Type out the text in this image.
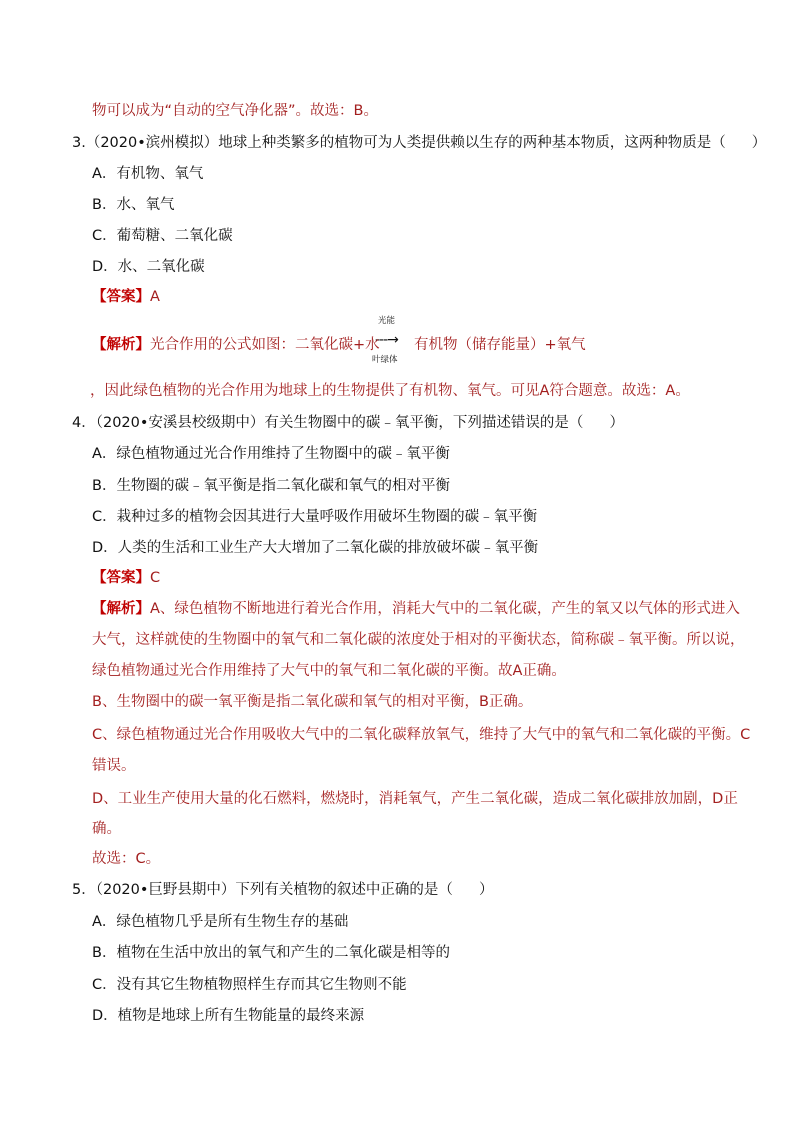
物可以成为“自动的空气净化器”。故选：B。
3.（2020•滨州模拟）地球上种类繁多的植物可为人类提供赖以生存的两种基本物质，这两种物质是（ ）
A．有机物、氧气
B．水、氧气
C．葡萄糖、二氧化碳
D．水、二氧化碳
【答案】A
光能
---→
叶绿体
【解析】光合作用的公式如图：二氧化碳+水 有机物（储存能量）+氧气
，因此绿色植物的光合作用为地球上的生物提供了有机物、氧气。可见A符合题意。故选：A。
4．（2020•安溪县校级期中）有关生物圈中的碳﹣氧平衡，下列描述错误的是（ ）
A．绿色植物通过光合作用维持了生物圈中的碳﹣氧平衡
B．生物圈的碳﹣氧平衡是指二氧化碳和氧气的相对平衡
C．栽种过多的植物会因其进行大量呼吸作用破坏生物圈的碳﹣氧平衡
D．人类的生活和工业生产大大增加了二氧化碳的排放破坏碳﹣氧平衡
【答案】C
【解析】A、绿色植物不断地进行着光合作用，消耗大气中的二氧化碳，产生的氧又以气体的形式进入
大气，这样就使的生物圈中的氧气和二氧化碳的浓度处于相对的平衡状态，简称碳﹣氧平衡。所以说，
绿色植物通过光合作用维持了大气中的氧气和二氧化碳的平衡。故A正确。
B、生物圈中的碳一氧平衡是指二氧化碳和氧气的相对平衡，B正确。
C、绿色植物通过光合作用吸收大气中的二氧化碳释放氧气，维持了大气中的氧气和二氧化碳的平衡。C
错误。
D、工业生产使用大量的化石燃料，燃烧时，消耗氧气，产生二氧化碳，造成二氧化碳排放加剧，D正
确。
故选：C。
5．（2020•巨野县期中）下列有关植物的叙述中正确的是（ ）
A．绿色植物几乎是所有生物生存的基础
B．植物在生活中放出的氧气和产生的二氧化碳是相等的
C．没有其它生物植物照样生存而其它生物则不能
D．植物是地球上所有生物能量的最终来源
